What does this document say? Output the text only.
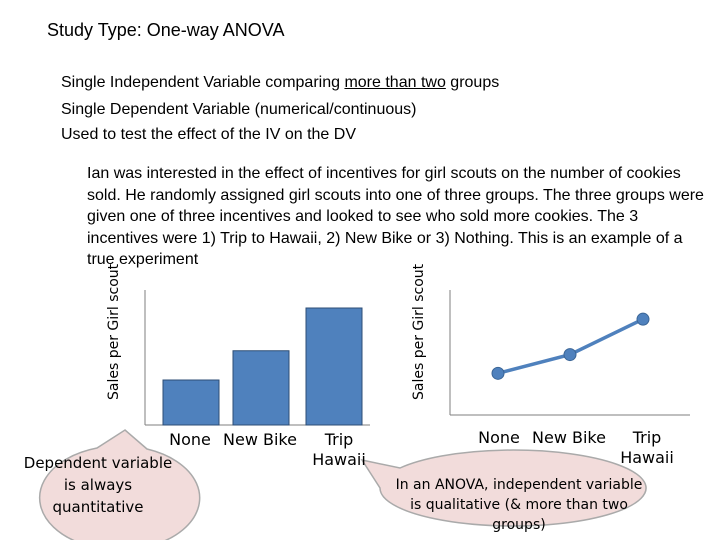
Study Type: One-way ANOVA
Single Independent Variable comparing more than two groups
Single Dependent Variable (numerical/continuous)
Used to test the effect of the IV on the DV
Ian was interested in the effect of incentives for girl scouts on the number of cookies sold. He randomly assigned girl scouts into one of three groups. The three groups were given one of three incentives and looked to see who sold more cookies. The 3 incentives were 1) Trip to Hawaii, 2) New Bike or 3) Nothing. This is an example of a true experiment
Sales per Girl scout	Sales per Girl scout
None New Bike	Trip Hawaii
None New Bike	Trip Hawaii
Dependent variable is always quantitative
In an ANOVA, independent variable is qualitative (& more than two groups)
